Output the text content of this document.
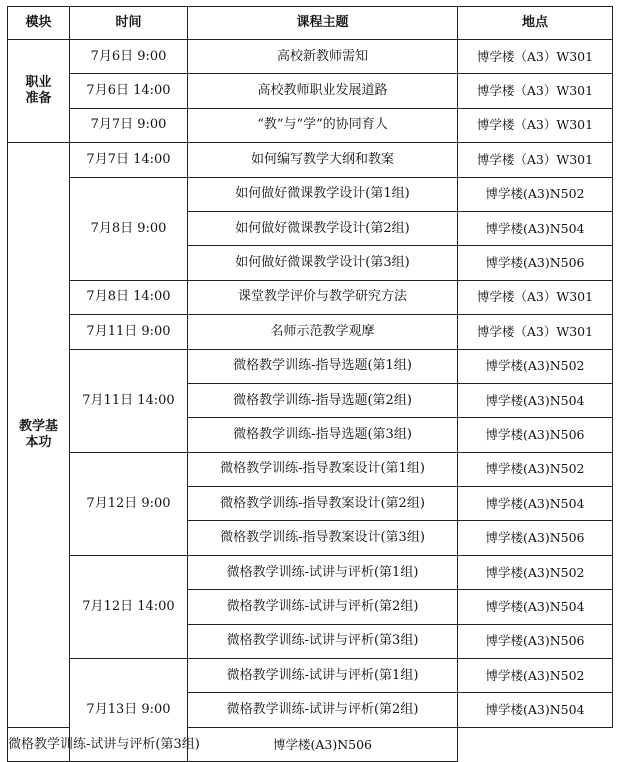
模块	时间	课程主题	地点

职业
准备	7月6日 9:00	高校新教师需知	博学楼（A3）W301
	7月6日 14:00	高校教师职业发展道路	博学楼（A3）W301
	7月7日 9:00	“教”与“学”的协同育人	博学楼（A3）W301

教学基
本功	7月7日 14:00	如何编写教学大纲和教案	博学楼（A3）W301
	7月8日 9:00	如何做好微课教学设计(第1组)	博学楼(A3)N502
		如何做好微课教学设计(第2组)	博学楼(A3)N504
		如何做好微课教学设计(第3组)	博学楼(A3)N506
	7月8日 14:00	课堂教学评价与教学研究方法	博学楼（A3）W301
	7月11日 9:00	名师示范教学观摩	博学楼（A3）W301
	7月11日 14:00	微格教学训练-指导选题(第1组)	博学楼(A3)N502
		微格教学训练-指导选题(第2组)	博学楼(A3)N504
		微格教学训练-指导选题(第3组)	博学楼(A3)N506
	7月12日 9:00	微格教学训练-指导教案设计(第1组)	博学楼(A3)N502
		微格教学训练-指导教案设计(第2组)	博学楼(A3)N504
		微格教学训练-指导教案设计(第3组)	博学楼(A3)N506
	7月12日 14:00	微格教学训练-试讲与评析(第1组)	博学楼(A3)N502
		微格教学训练-试讲与评析(第2组)	博学楼(A3)N504
		微格教学训练-试讲与评析(第3组)	博学楼(A3)N506
	7月13日 9:00	微格教学训练-试讲与评析(第1组)	博学楼(A3)N502
		微格教学训练-试讲与评析(第2组)	博学楼(A3)N504
微格教学训练-试讲与评析(第3组)		博学楼(A3)N506	
